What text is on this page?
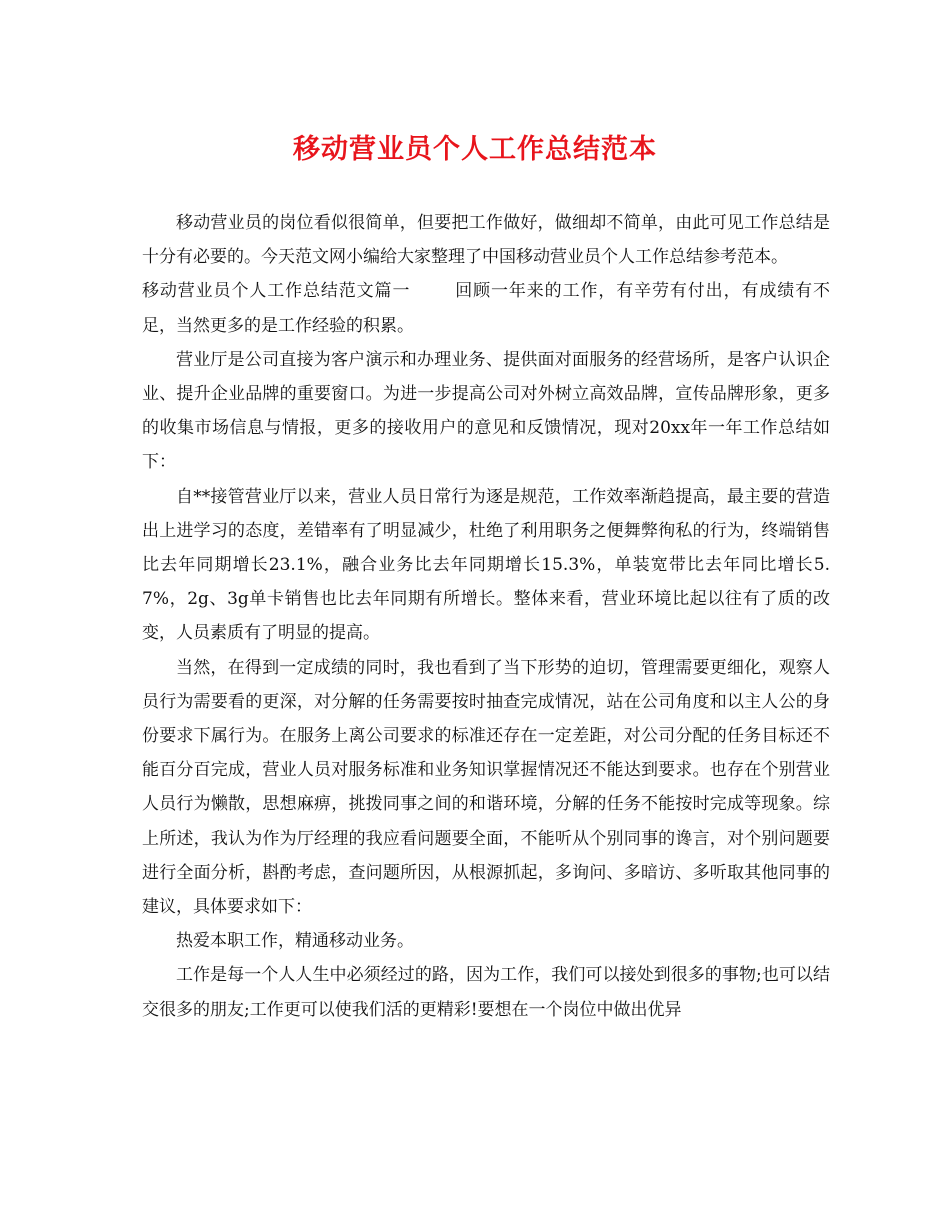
移动营业员个人工作总结范本

移动营业员的岗位看似很简单，但要把工作做好，做细却不简单，由此可见工作总结是十分有必要的。今天范文网小编给大家整理了中国移动营业员个人工作总结参考范本。

移动营业员个人工作总结范文篇一	回顾一年来的工作，有辛劳有付出，有成绩有不足，当然更多的是工作经验的积累。

营业厅是公司直接为客户演示和办理业务、提供面对面服务的经营场所，是客户认识企业、提升企业品牌的重要窗口。为进一步提高公司对外树立高效品牌，宣传品牌形象，更多的收集市场信息与情报，更多的接收用户的意见和反馈情况，现对20xx年一年工作总结如下：

自**接管营业厅以来，营业人员日常行为逐是规范，工作效率渐趋提高，最主要的营造出上进学习的态度，差错率有了明显减少，杜绝了利用职务之便舞弊徇私的行为，终端销售比去年同期增长23.1%，融合业务比去年同期增长15.3%，单装宽带比去年同比增长5.7%，2g、3g单卡销售也比去年同期有所增长。整体来看，营业环境比起以往有了质的改变，人员素质有了明显的提高。

当然，在得到一定成绩的同时，我也看到了当下形势的迫切，管理需要更细化，观察人员行为需要看的更深，对分解的任务需要按时抽查完成情况，站在公司角度和以主人公的身份要求下属行为。在服务上离公司要求的标准还存在一定差距，对公司分配的任务目标还不能百分百完成，营业人员对服务标准和业务知识掌握情况还不能达到要求。也存在个别营业人员行为懒散，思想麻痹，挑拨同事之间的和谐环境，分解的任务不能按时完成等现象。综上所述，我认为作为厅经理的我应看问题要全面，不能听从个别同事的谗言，对个别问题要进行全面分析，斟酌考虑，查问题所因，从根源抓起，多询问、多暗访、多听取其他同事的建议，具体要求如下：

热爱本职工作，精通移动业务。

工作是每一个人人生中必须经过的路，因为工作，我们可以接处到很多的事物;也可以结交很多的朋友;工作更可以使我们活的更精彩!要想在一个岗位中做出优异
